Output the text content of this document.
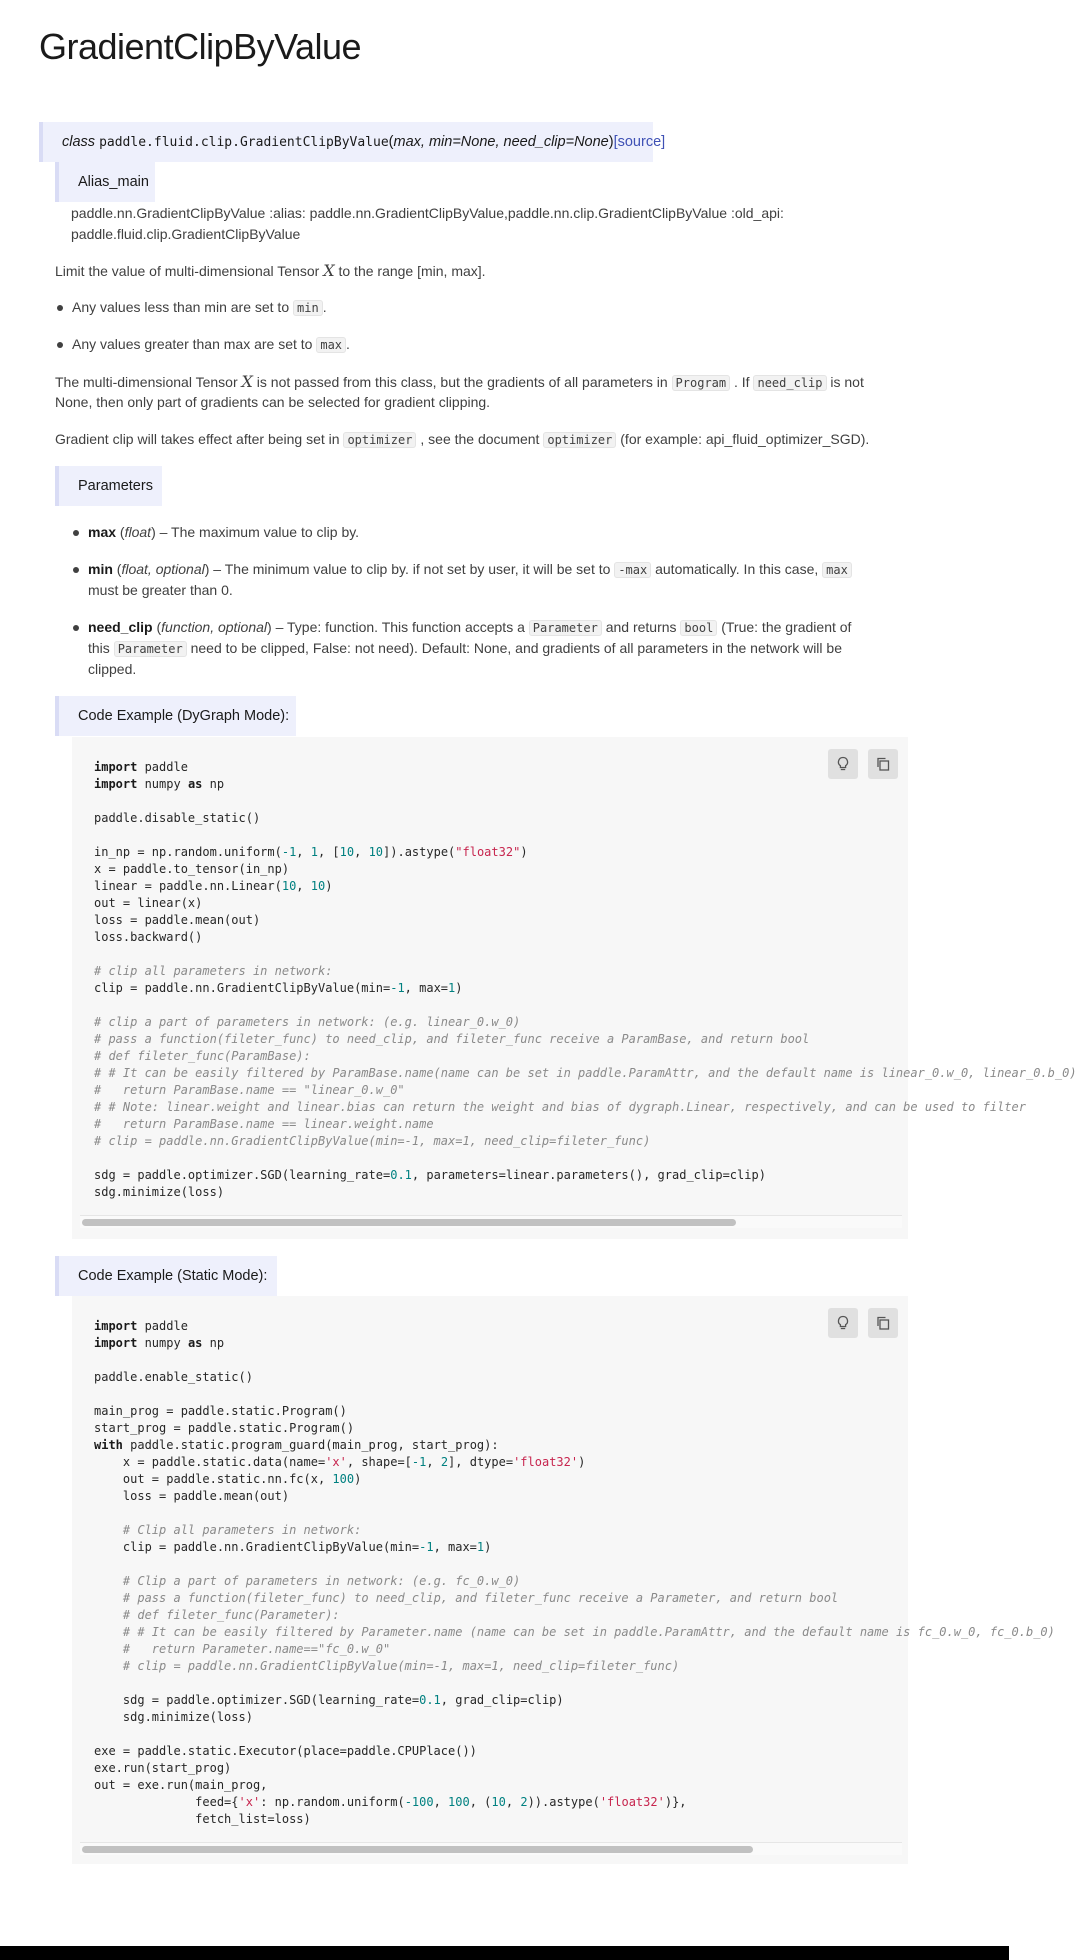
GradientClipByValue
class paddle.fluid.clip.GradientClipByValue(max, min=None, need_clip=None)[source]
Alias_main

paddle.nn.GradientClipByValue :alias: paddle.nn.GradientClipByValue,paddle.nn.clip.GradientClipByValue :old_api:

paddle.fluid.clip.GradientClipByValue

Limit the value of multi-dimensional Tensor X to the range [min, max].

Any values less than min are set to min .

Any values greater than max are set to max .

The multi-dimensional Tensor X is not passed from this class, but the gradients of all parameters in Program . If need_clip is not

None, then only part of gradients can be selected for gradient clipping.

Gradient clip will takes effect after being set in optimizer , see the document optimizer (for example: api_fluid_optimizer_SGD).

Parameters

max (float) – The maximum value to clip by.

min (float, optional) – The minimum value to clip by. if not set by user, it will be set to -max automatically. In this case, max

must be greater than 0.

need_clip (function, optional) – Type: function. This function accepts a Parameter and returns bool (True: the gradient of

this Parameter need to be clipped, False: not need). Default: None, and gradients of all parameters in the network will be

clipped.

Code Example (DyGraph Mode):
import paddle
import numpy as np

paddle.disable_static()

in_np = np.random.uniform(-1, 1, [10, 10]).astype("float32")
x = paddle.to_tensor(in_np)
linear = paddle.nn.Linear(10, 10)
out = linear(x)
loss = paddle.mean(out)
loss.backward()

# clip all parameters in network:
clip = paddle.nn.GradientClipByValue(min=-1, max=1)

# clip a part of parameters in network: (e.g. linear_0.w_0)
# pass a function(fileter_func) to need_clip, and fileter_func receive a ParamBase, and return bool
# def fileter_func(ParamBase):
# # It can be easily filtered by ParamBase.name(name can be set in paddle.ParamAttr, and the default name is linear_0.w_0, linear_0.b_0)
#   return ParamBase.name == "linear_0.w_0"
# # Note: linear.weight and linear.bias can return the weight and bias of dygraph.Linear, respectively, and can be used to filter
#   return ParamBase.name == linear.weight.name
# clip = paddle.nn.GradientClipByValue(min=-1, max=1, need_clip=fileter_func)

sdg = paddle.optimizer.SGD(learning_rate=0.1, parameters=linear.parameters(), grad_clip=clip)
sdg.minimize(loss)
Code Example (Static Mode):
import paddle
import numpy as np

paddle.enable_static()

main_prog = paddle.static.Program()
start_prog = paddle.static.Program()
with paddle.static.program_guard(main_prog, start_prog):
x = paddle.static.data(name='x', shape=[-1, 2], dtype='float32')
out = paddle.static.nn.fc(x, 100)
loss = paddle.mean(out)

# Clip all parameters in network:
clip = paddle.nn.GradientClipByValue(min=-1, max=1)

# Clip a part of parameters in network: (e.g. fc_0.w_0)
# pass a function(fileter_func) to need_clip, and fileter_func receive a Parameter, and return bool
# def fileter_func(Parameter):
# # It can be easily filtered by Parameter.name (name can be set in paddle.ParamAttr, and the default name is fc_0.w_0, fc_0.b_0)
#   return Parameter.name=="fc_0.w_0"
# clip = paddle.nn.GradientClipByValue(min=-1, max=1, need_clip=fileter_func)

sdg = paddle.optimizer.SGD(learning_rate=0.1, grad_clip=clip)
sdg.minimize(loss)

exe = paddle.static.Executor(place=paddle.CPUPlace())
exe.run(start_prog)
out = exe.run(main_prog,
feed={'x': np.random.uniform(-100, 100, (10, 2)).astype('float32')},
fetch_list=loss)
